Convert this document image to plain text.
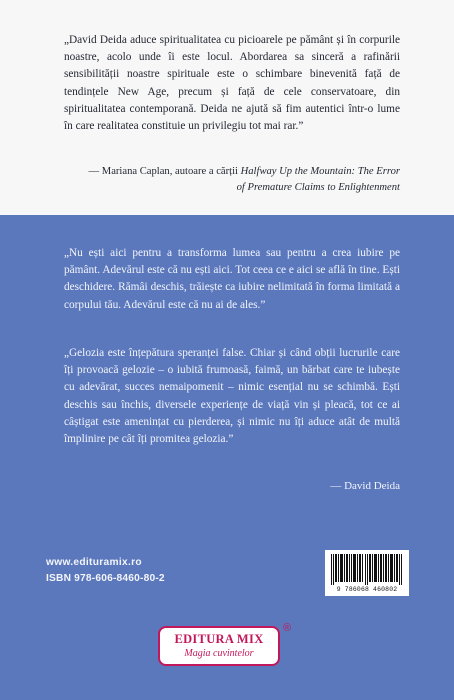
„David Deida aduce spiritualitatea cu picioarele pe pământ și în corpurile noastre, acolo unde îi este locul. Abordarea sa sinceră a rafinării sensibilității noastre spirituale este o schimbare binevenită față de tendințele New Age, precum și față de cele conservatoare, din spiritualitatea contemporană. Deida ne ajută să fim autentici într-o lume în care realitatea constituie un privilegiu tot mai rar.”

— Mariana Caplan, autoare a cărții Halfway Up the Mountain: The Error of Premature Claims to Enlightenment

„Nu ești aici pentru a transforma lumea sau pentru a crea iubire pe pământ. Adevărul este că nu ești aici. Tot ceea ce e aici se află în tine. Ești deschidere. Rămâi deschis, trăiește ca iubire nelimitată în forma limitată a corpului tău. Adevărul este că nu ai de ales.”

„Gelozia este înțepătura speranței false. Chiar și când obții lucrurile care îți provoacă gelozie – o iubită frumoasă, faimă, un bărbat care te iubește cu adevărat, succes nemaipomenit – nimic esențial nu se schimbă. Ești deschis sau închis, diversele experiențe de viață vin și pleacă, tot ce ai câștigat este amenințat cu pierderea, și nimic nu îți aduce atât de multă împlinire pe cât îți promitea gelozia.”

— David Deida

www.edituramix.ro
ISBN 978-606-8460-80-2
9 786068 460802
EDITURA MIX
Magia cuvintelor
®
